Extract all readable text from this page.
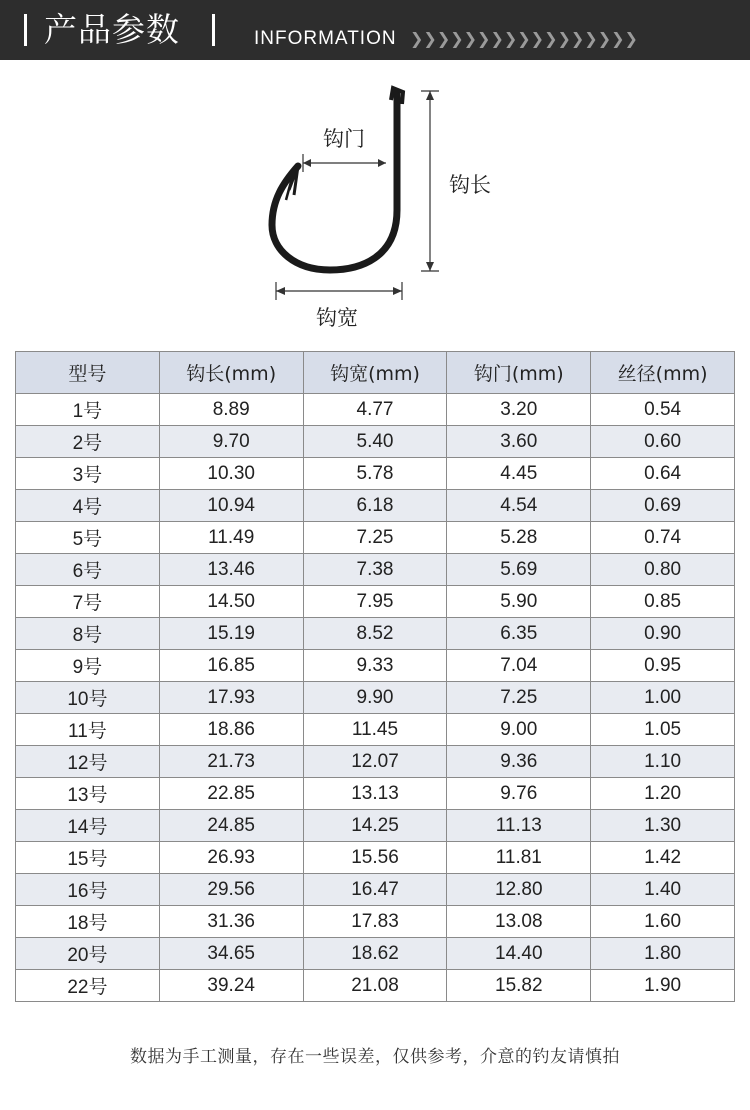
产品参数	INFORMATION ❯❯❯❯❯❯❯❯❯❯❯❯❯❯❯❯❯
钩门
钩长
钩宽
型号	钩长(mm)	钩宽(mm)	钩门(mm)	丝径(mm)
1号	8.89	4.77	3.20	0.54
2号	9.70	5.40	3.60	0.60
3号	10.30	5.78	4.45	0.64
4号	10.94	6.18	4.54	0.69
5号	11.49	7.25	5.28	0.74
6号	13.46	7.38	5.69	0.80
7号	14.50	7.95	5.90	0.85
8号	15.19	8.52	6.35	0.90
9号	16.85	9.33	7.04	0.95
10号	17.93	9.90	7.25	1.00
11号	18.86	11.45	9.00	1.05
12号	21.73	12.07	9.36	1.10
13号	22.85	13.13	9.76	1.20
14号	24.85	14.25	11.13	1.30
15号	26.93	15.56	11.81	1.42
16号	29.56	16.47	12.80	1.40
18号	31.36	17.83	13.08	1.60
20号	34.65	18.62	14.40	1.80
22号	39.24	21.08	15.82	1.90
数据为手工测量，存在一些误差，仅供参考，介意的钓友请慎拍
